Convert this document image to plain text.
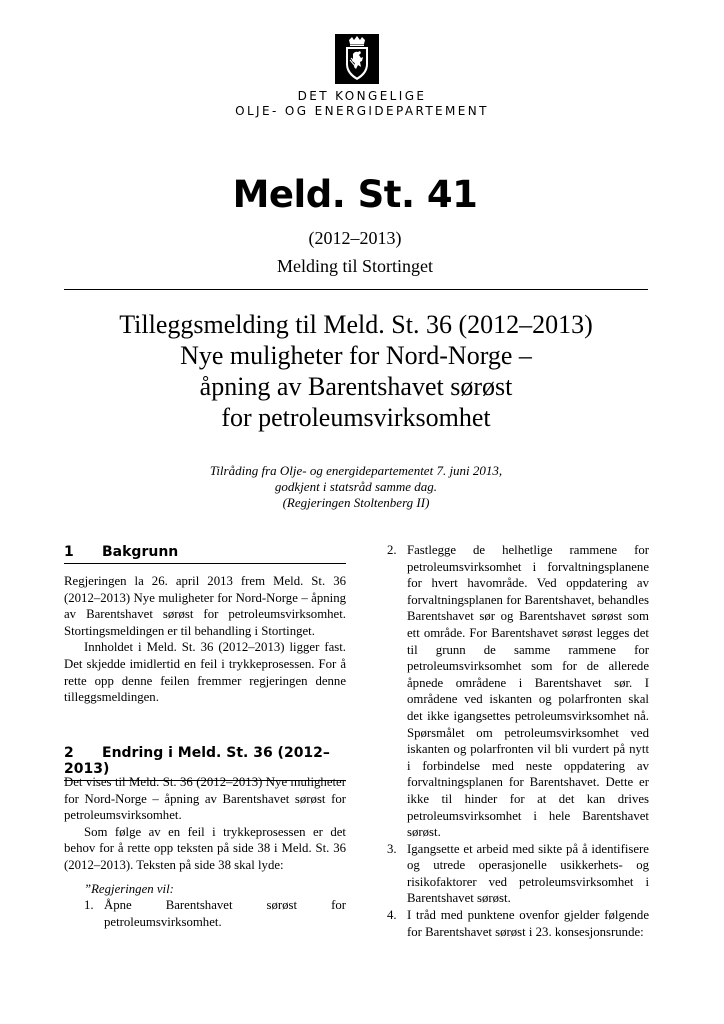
DET KONGELIGE
OLJE- OG ENERGIDEPARTEMENT
Meld. St. 41
(2012–2013)
Melding til Stortinget
Tilleggsmelding til Meld. St. 36 (2012–2013)
Nye muligheter for Nord-Norge –
åpning av Barentshavet sørøst
for petroleumsvirksomhet
Tilråding fra Olje- og energidepartementet 7. juni 2013,
godkjent i statsråd samme dag.
(Regjeringen Stoltenberg II)
1 Bakgrunn

Regjeringen la 26. april 2013 frem Meld. St. 36 (2012–2013) Nye muligheter for Nord-Norge – åpning av Barentshavet sørøst for petroleumsvirksomhet. Stortingsmeldingen er til behandling i Stortinget.

Innholdet i Meld. St. 36 (2012–2013) ligger fast. Det skjedde imidlertid en feil i trykkeprosessen. For å rette opp denne feilen fremmer regjeringen denne tilleggsmeldingen.

2 Endring i Meld. St. 36 (2012–2013)

Det vises til Meld. St. 36 (2012–2013) Nye muligheter for Nord-Norge – åpning av Barentshavet sørøst for petroleumsvirksomhet.

Som følge av en feil i trykkeprosessen er det behov for å rette opp teksten på side 38 i Meld. St. 36 (2012–2013). Teksten på side 38 skal lyde:

”Regjeringen vil:

1. Åpne Barentshavet sørøst for petroleumsvirksomhet.
2. Fastlegge de helhetlige rammene for petroleumsvirksomhet i forvaltningsplanene for hvert havområde. Ved oppdatering av forvaltningsplanen for Barentshavet, behandles Barentshavet sør og Barentshavet sørøst som ett område. For Barentshavet sørøst legges det til grunn de samme rammene for petroleumsvirksomhet som for de allerede åpnede områdene i Barentshavet sør. I områdene ved iskanten og polarfronten skal det ikke igangsettes petroleumsvirksomhet nå. Spørsmålet om petroleumsvirksomhet ved iskanten og polarfronten vil bli vurdert på nytt i forbindelse med neste oppdatering av forvaltningsplanen for Barentshavet. Dette er ikke til hinder for at det kan drives petroleumsvirksomhet i hele Barentshavet sørøst.
3. Igangsette et arbeid med sikte på å identifisere og utrede operasjonelle usikkerhets- og risikofaktorer ved petroleumsvirksomhet i Barentshavet sørøst.
4. I tråd med punktene ovenfor gjelder følgende for Barentshavet sørøst i 23. konsesjonsrunde:
